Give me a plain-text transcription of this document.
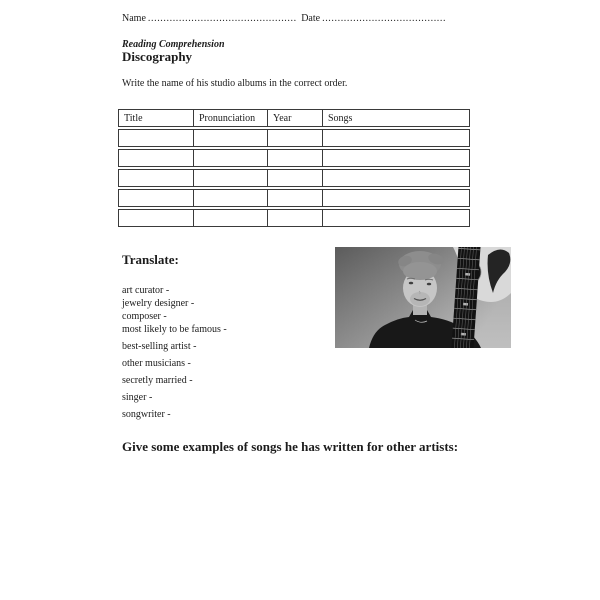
Name ................................................ Date ........................................
Reading Comprehension
Discography
Write the name of his studio albums in the correct order.
Title	Pronunciation	Year	Songs
Translate:
art curator -
jewelry designer -
composer -
most likely to be famous -
best-selling artist -
other musicians -
secretly married -
singer -
songwriter -
Give some examples of songs he has written for other artists:
